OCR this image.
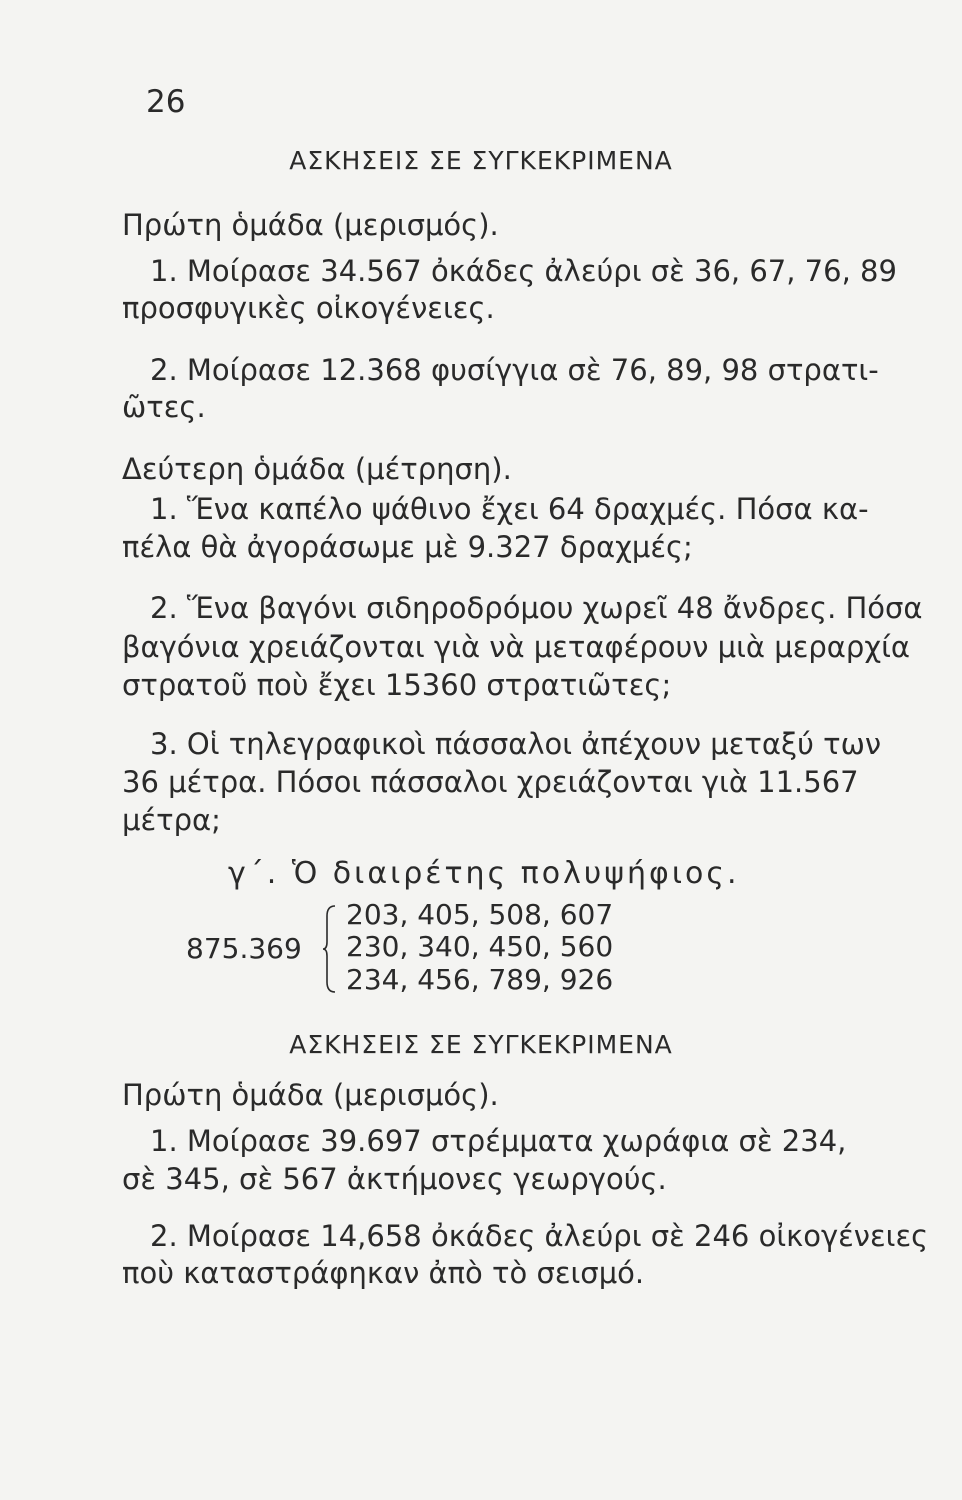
26
ΑΣΚΗΣΕΙΣ ΣΕ ΣΥΓΚΕΚΡΙΜΕΝΑ
Πρώτη ὁμάδα (μερισμός).
1. Μοίρασε 34.567 ὀκάδες ἀλεύρι σὲ 36, 67, 76, 89
προσφυγικὲς οἰκογένειες.
2. Μοίρασε 12.368 φυσίγγια σὲ 76, 89, 98 στρατι-
ῶτες.
Δεύτερη ὁμάδα (μέτρηση).
1. Ἕνα καπέλο ψάθινο ἔχει 64 δραχμές. Πόσα κα-
πέλα θὰ ἀγοράσωμε μὲ 9.327 δραχμές;
2. Ἕνα βαγόνι σιδηροδρόμου χωρεῖ 48 ἄνδρες. Πόσα
βαγόνια χρειάζονται γιὰ νὰ μεταφέρουν μιὰ μεραρχία
στρατοῦ ποὺ ἔχει 15360 στρατιῶτες;
3. Οἱ τηλεγραφικοὶ πάσσαλοι ἀπέχουν μεταξύ των
36 μέτρα. Πόσοι πάσσαλοι χρειάζονται γιὰ 11.567
μέτρα;
γ΄. Ὁ διαιρέτης πολυψήφιος.
875.369
203, 405, 508, 607
230, 340, 450, 560
234, 456, 789, 926
ΑΣΚΗΣΕΙΣ ΣΕ ΣΥΓΚΕΚΡΙΜΕΝΑ
Πρώτη ὁμάδα (μερισμός).
1. Μοίρασε 39.697 στρέμματα χωράφια σὲ 234,
σὲ 345, σὲ 567 ἀκτήμονες γεωργούς.
2. Μοίρασε 14,658 ὀκάδες ἀλεύρι σὲ 246 οἰκογένειες
ποὺ καταστράφηκαν ἀπὸ τὸ σεισμό.
